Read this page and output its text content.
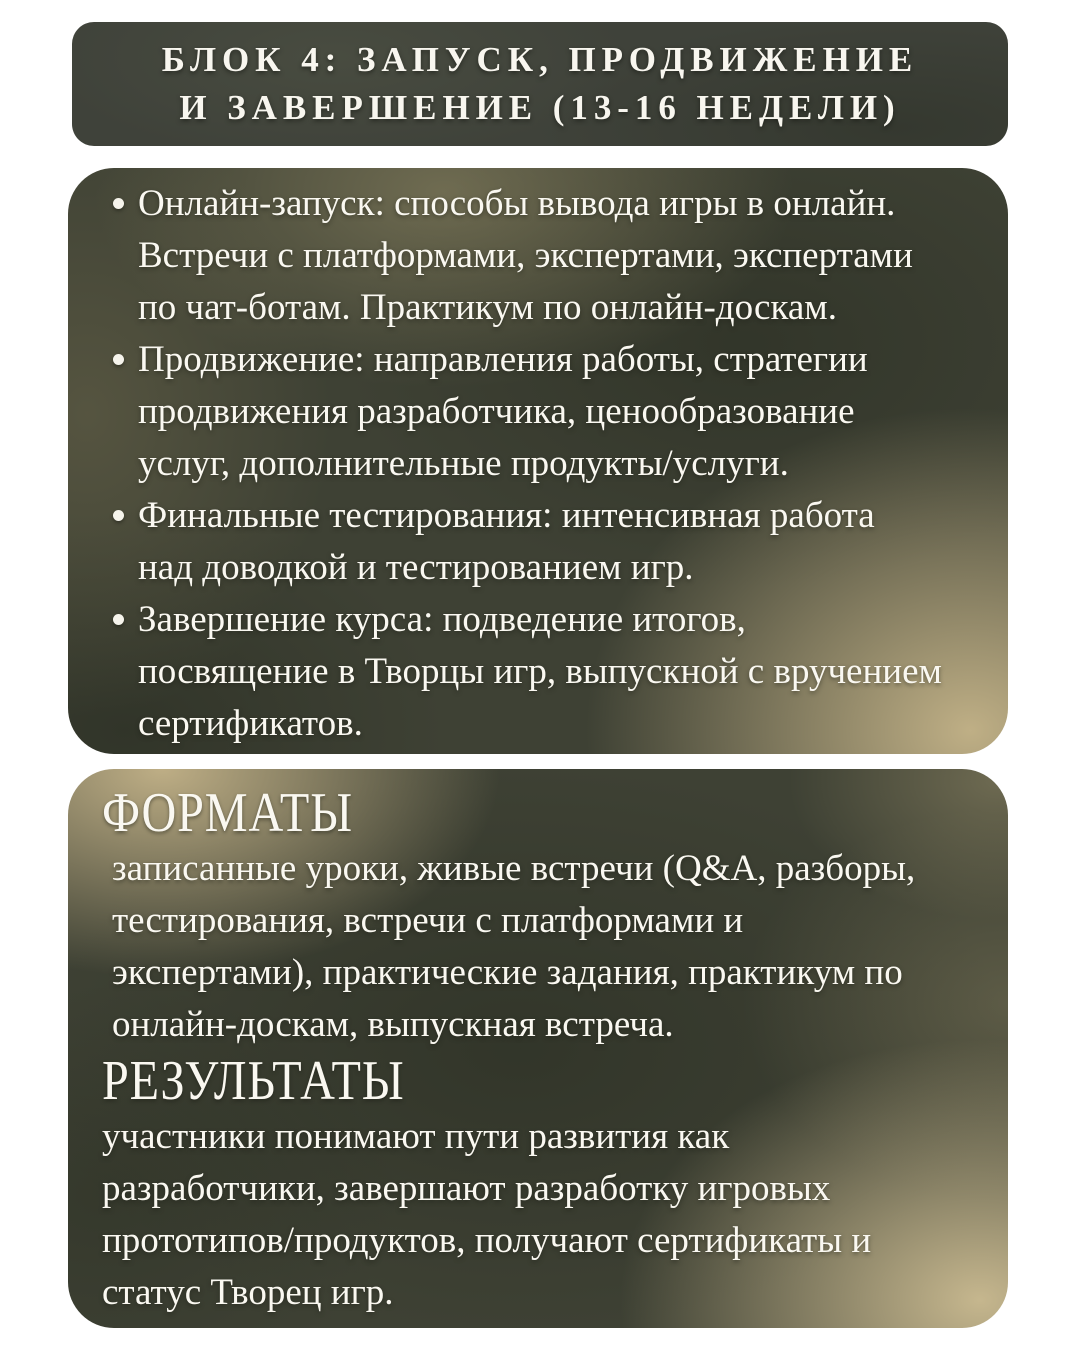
БЛОК 4: ЗАПУСК, ПРОДВИЖЕНИЕ
И ЗАВЕРШЕНИЕ (13-16 НЕДЕЛИ)
Онлайн-запуск: способы вывода игры в онлайн.
Встречи с платформами, экспертами, экспертами
по чат-ботам. Практикум по онлайн-доскам.
Продвижение: направления работы, стратегии
продвижения разработчика, ценообразование
услуг, дополнительные продукты/услуги.
Финальные тестирования: интенсивная работа
над доводкой и тестированием игр.
Завершение курса: подведение итогов,
посвящение в Творцы игр, выпускной с вручением
сертификатов.
ФОРМАТЫ

записанные уроки, живые встречи (Q&A, разборы,
тестирования, встречи с платформами и
экспертами), практические задания, практикум по
онлайн-доскам, выпускная встреча.

РЕЗУЛЬТАТЫ

участники понимают пути развития как
разработчики, завершают разработку игровых
прототипов/продуктов, получают сертификаты и
статус Творец игр.
